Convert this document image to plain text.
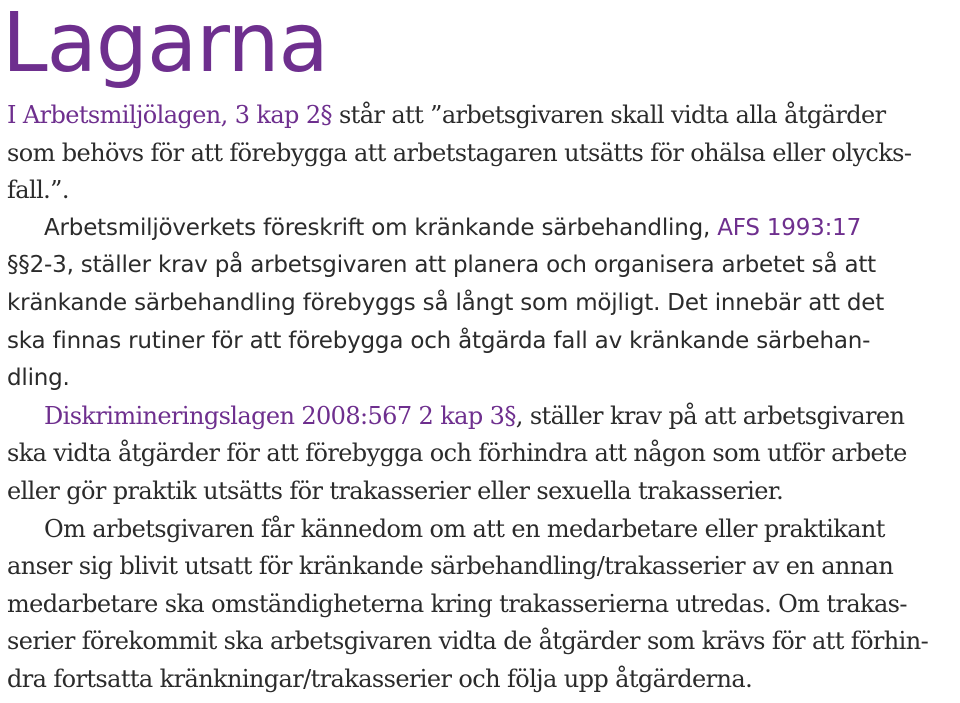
Lagarna

I Arbetsmiljölagen, 3 kap 2§ står att ”arbetsgivaren skall vidta alla åtgärder
som behövs för att förebygga att arbetstagaren utsätts för ohälsa eller olycks-
fall.”.

Arbetsmiljöverkets föreskrift om kränkande särbehandling, AFS 1993:17
§§2-3, ställer krav på arbetsgivaren att planera och organisera arbetet så att
kränkande särbehandling förebyggs så långt som möjligt. Det innebär att det
ska finnas rutiner för att förebygga och åtgärda fall av kränkande särbehan-
dling.

Diskrimineringslagen 2008:567 2 kap 3§, ställer krav på att arbetsgivaren
ska vidta åtgärder för att förebygga och förhindra att någon som utför arbete
eller gör praktik utsätts för trakasserier eller sexuella trakasserier.

Om arbetsgivaren får kännedom om att en medarbetare eller praktikant
anser sig blivit utsatt för kränkande särbehandling/trakasserier av en annan
medarbetare ska omständigheterna kring trakasserierna utredas. Om trakas-
serier förekommit ska arbetsgivaren vidta de åtgärder som krävs för att förhin-
dra fortsatta kränkningar/trakasserier och följa upp åtgärderna.
